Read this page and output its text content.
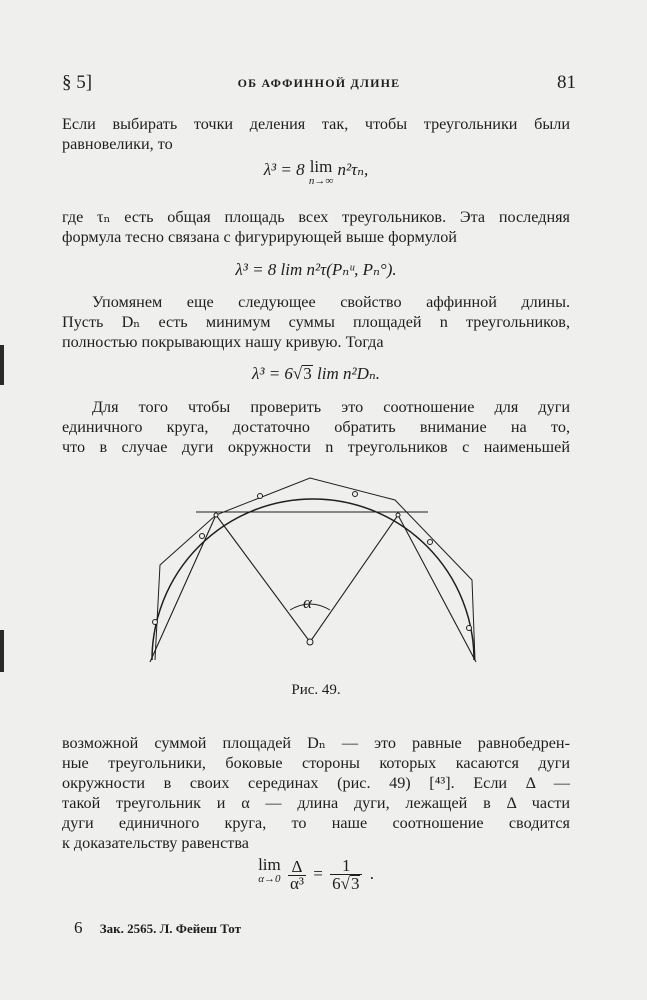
§ 5]	ОБ АФФИННОЙ ДЛИНЕ	81
Если выбирать точки деления так, чтобы треугольники были
равновелики, то
λ³ = 8 lim
n→∞
n²τₙ,
где τₙ есть общая площадь всех треугольников. Эта последняя
формула тесно связана с фигурирующей выше формулой
λ³ = 8 lim n²τ(Pₙᵘ, Pₙ°).
Упомянем еще следующее свойство аффинной длины.
Пусть Dₙ есть минимум суммы площадей n треугольников,
полностью покрывающих нашу кривую. Тогда
λ³ = 6√3 lim n²Dₙ.
Для того чтобы проверить это соотношение для дуги
единичного круга, достаточно обратить внимание на то,
что в случае дуги окружности n треугольников с наименьшей
α
Рис. 49.
возможной суммой площадей Dₙ — это равные равнобедрен-
ные треугольники, боковые стороны которых касаются дуги
окружности в своих серединах (рис. 49) [⁴³]. Если Δ —
такой треугольник и α — длина дуги, лежащей в Δ части
дуги единичного круга, то наше соотношение сводится
к доказательству равенства
lim
α→0
$\frac{\Delta}{\text{α³}} = \frac{1}{6√3}$ .
6 Зак. 2565. Л. Фейеш Тот
